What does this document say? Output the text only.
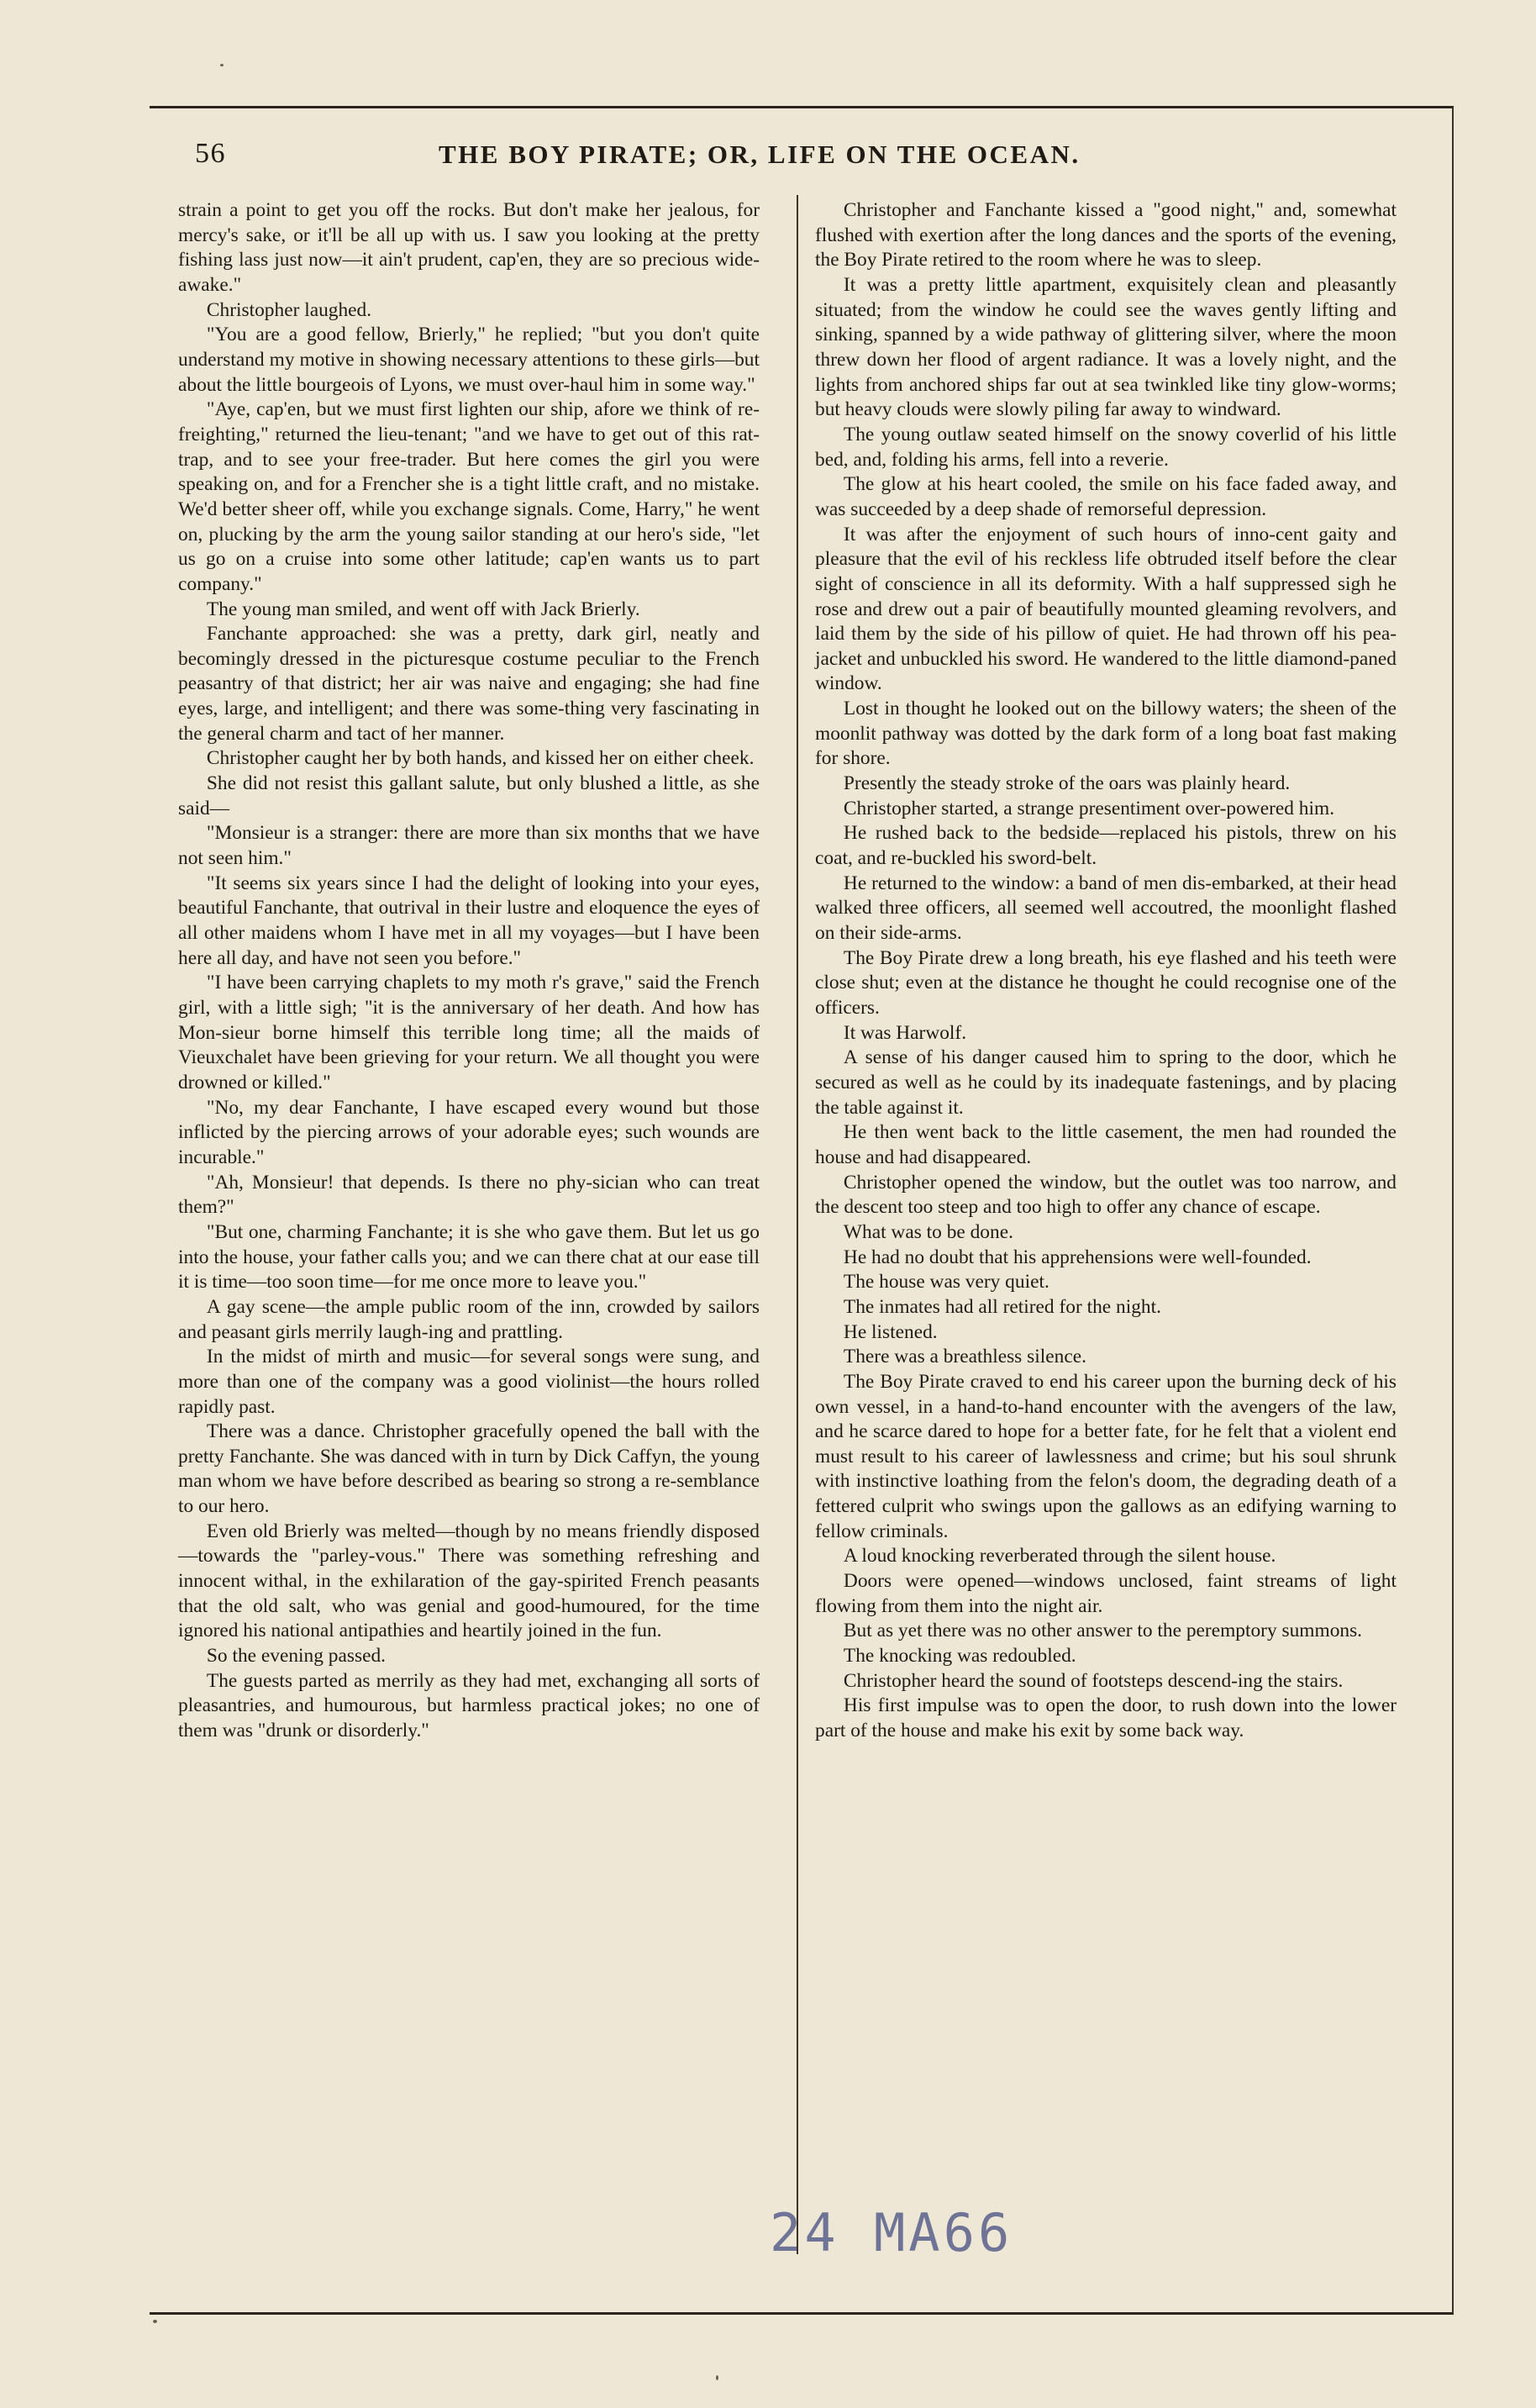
56	THE BOY PIRATE; OR, LIFE ON THE OCEAN.

strain a point to get you off the rocks. But don't make her jealous, for mercy's sake, or it'll be all up with us. I saw you looking at the pretty fishing lass just now—it ain't prudent, cap'en, they are so precious wide-awake."

Christopher laughed.

"You are a good fellow, Brierly," he replied; "but you don't quite understand my motive in showing necessary attentions to these girls—but about the little bourgeois of Lyons, we must over-haul him in some way."

"Aye, cap'en, but we must first lighten our ship, afore we think of re-freighting," returned the lieu-tenant; "and we have to get out of this rat-trap, and to see your free-trader. But here comes the girl you were speaking on, and for a Frencher she is a tight little craft, and no mistake. We'd better sheer off, while you exchange signals. Come, Harry," he went on, plucking by the arm the young sailor standing at our hero's side, "let us go on a cruise into some other latitude; cap'en wants us to part company."

The young man smiled, and went off with Jack Brierly.

Fanchante approached: she was a pretty, dark girl, neatly and becomingly dressed in the picturesque costume peculiar to the French peasantry of that district; her air was naive and engaging; she had fine eyes, large, and intelligent; and there was some-thing very fascinating in the general charm and tact of her manner.

Christopher caught her by both hands, and kissed her on either cheek.

She did not resist this gallant salute, but only blushed a little, as she said—

"Monsieur is a stranger: there are more than six months that we have not seen him."

"It seems six years since I had the delight of looking into your eyes, beautiful Fanchante, that outrival in their lustre and eloquence the eyes of all other maidens whom I have met in all my voyages—but I have been here all day, and have not seen you before."

"I have been carrying chaplets to my moth r's grave," said the French girl, with a little sigh; "it is the anniversary of her death. And how has Mon-sieur borne himself this terrible long time; all the maids of Vieuxchalet have been grieving for your return. We all thought you were drowned or killed."

"No, my dear Fanchante, I have escaped every wound but those inflicted by the piercing arrows of your adorable eyes; such wounds are incurable."

"Ah, Monsieur! that depends. Is there no phy-sician who can treat them?"

"But one, charming Fanchante; it is she who gave them. But let us go into the house, your father calls you; and we can there chat at our ease till it is time—too soon time—for me once more to leave you."

A gay scene—the ample public room of the inn, crowded by sailors and peasant girls merrily laugh-ing and prattling.

In the midst of mirth and music—for several songs were sung, and more than one of the company was a good violinist—the hours rolled rapidly past.

There was a dance. Christopher gracefully opened the ball with the pretty Fanchante. She was danced with in turn by Dick Caffyn, the young man whom we have before described as bearing so strong a re-semblance to our hero.

Even old Brierly was melted—though by no means friendly disposed—towards the "parley-vous." There was something refreshing and innocent withal, in the exhilaration of the gay-spirited French peasants that the old salt, who was genial and good-humoured, for the time ignored his national antipathies and heartily joined in the fun.

So the evening passed.

The guests parted as merrily as they had met, exchanging all sorts of pleasantries, and humourous, but harmless practical jokes; no one of them was "drunk or disorderly."

Christopher and Fanchante kissed a "good night," and, somewhat flushed with exertion after the long dances and the sports of the evening, the Boy Pirate retired to the room where he was to sleep.

It was a pretty little apartment, exquisitely clean and pleasantly situated; from the window he could see the waves gently lifting and sinking, spanned by a wide pathway of glittering silver, where the moon threw down her flood of argent radiance. It was a lovely night, and the lights from anchored ships far out at sea twinkled like tiny glow-worms; but heavy clouds were slowly piling far away to windward.

The young outlaw seated himself on the snowy coverlid of his little bed, and, folding his arms, fell into a reverie.

The glow at his heart cooled, the smile on his face faded away, and was succeeded by a deep shade of remorseful depression.

It was after the enjoyment of such hours of inno-cent gaity and pleasure that the evil of his reckless life obtruded itself before the clear sight of conscience in all its deformity. With a half suppressed sigh he rose and drew out a pair of beautifully mounted gleaming revolvers, and laid them by the side of his pillow of quiet. He had thrown off his pea-jacket and unbuckled his sword. He wandered to the little diamond-paned window.

Lost in thought he looked out on the billowy waters; the sheen of the moonlit pathway was dotted by the dark form of a long boat fast making for shore.

Presently the steady stroke of the oars was plainly heard.

Christopher started, a strange presentiment over-powered him.

He rushed back to the bedside—replaced his pistols, threw on his coat, and re-buckled his sword-belt.

He returned to the window: a band of men dis-embarked, at their head walked three officers, all seemed well accoutred, the moonlight flashed on their side-arms.

The Boy Pirate drew a long breath, his eye flashed and his teeth were close shut; even at the distance he thought he could recognise one of the officers.

It was Harwolf.

A sense of his danger caused him to spring to the door, which he secured as well as he could by its inadequate fastenings, and by placing the table against it.

He then went back to the little casement, the men had rounded the house and had disappeared.

Christopher opened the window, but the outlet was too narrow, and the descent too steep and too high to offer any chance of escape.

What was to be done.

He had no doubt that his apprehensions were well-founded.

The house was very quiet.

The inmates had all retired for the night.

He listened.

There was a breathless silence.

The Boy Pirate craved to end his career upon the burning deck of his own vessel, in a hand-to-hand encounter with the avengers of the law, and he scarce dared to hope for a better fate, for he felt that a violent end must result to his career of lawlessness and crime; but his soul shrunk with instinctive loathing from the felon's doom, the degrading death of a fettered culprit who swings upon the gallows as an edifying warning to fellow criminals.

A loud knocking reverberated through the silent house.

Doors were opened—windows unclosed, faint streams of light flowing from them into the night air.

But as yet there was no other answer to the peremptory summons.

The knocking was redoubled.

Christopher heard the sound of footsteps descend-ing the stairs.

His first impulse was to open the door, to rush down into the lower part of the house and make his exit by some back way.

24 MA66
